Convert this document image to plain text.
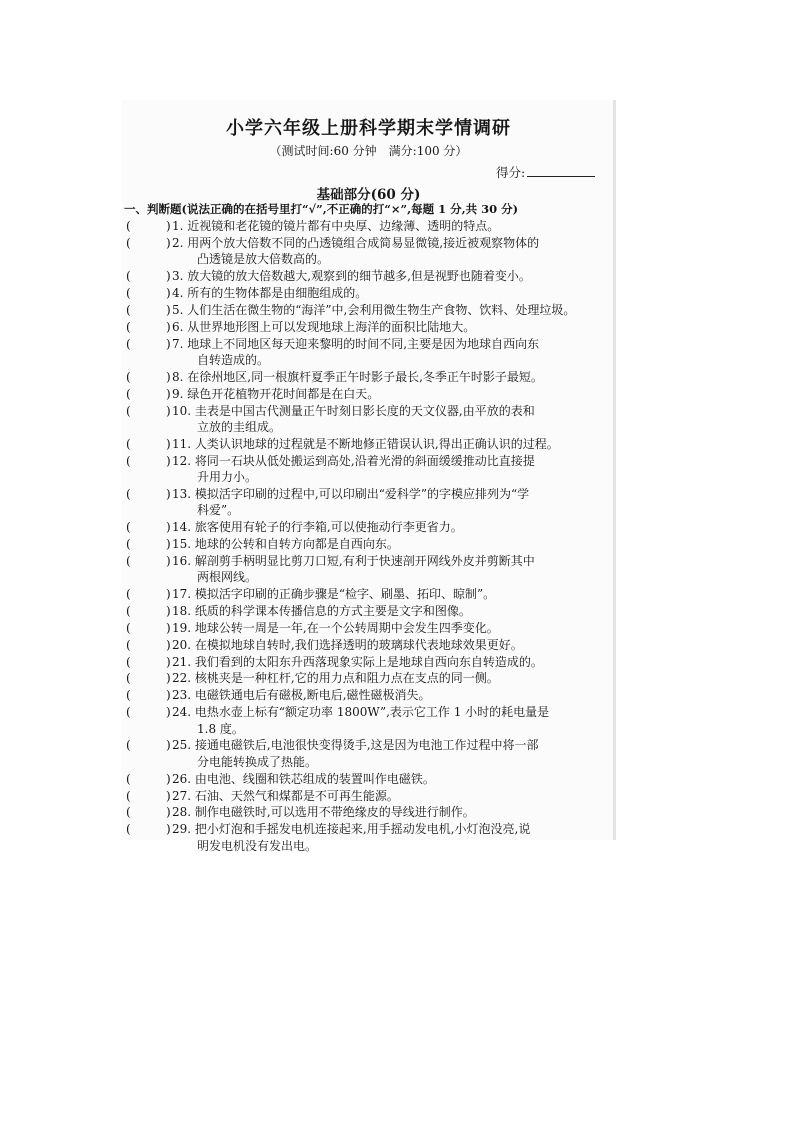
小学六年级上册科学期末学情调研
（测试时间:60 分钟　满分:100 分）
得分:
基础部分(60 分)
一、判断题(说法正确的在括号里打“√”,不正确的打“×”,每题 1 分,共 30 分)
(	) 1. 近视镜和老花镜的镜片都有中央厚、边缘薄、透明的特点。
(	) 2. 用两个放大倍数不同的凸透镜组合成简易显微镜,接近被观察物体的
凸透镜是放大倍数高的。
(	) 3. 放大镜的放大倍数越大,观察到的细节越多,但是视野也随着变小。
(	) 4. 所有的生物体都是由细胞组成的。
(	) 5. 人们生活在微生物的“海洋”中,会利用微生物生产食物、饮料、处理垃圾。
(	) 6. 从世界地形图上可以发现地球上海洋的面积比陆地大。
(	) 7. 地球上不同地区每天迎来黎明的时间不同,主要是因为地球自西向东
自转造成的。
(	) 8. 在徐州地区,同一根旗杆夏季正午时影子最长,冬季正午时影子最短。
(	) 9. 绿色开花植物开花时间都是在白天。
(	) 10. 圭表是中国古代测量正午时刻日影长度的天文仪器,由平放的表和
立放的圭组成。
(	) 11. 人类认识地球的过程就是不断地修正错误认识,得出正确认识的过程。
(	) 12. 将同一石块从低处搬运到高处,沿着光滑的斜面缓缓推动比直接提
升用力小。
(	) 13. 模拟活字印刷的过程中,可以印刷出“爱科学”的字模应排列为“学
科爱”。
(	) 14. 旅客使用有轮子的行李箱,可以使拖动行李更省力。
(	) 15. 地球的公转和自转方向都是自西向东。
(	) 16. 解剖剪手柄明显比剪刀口短,有利于快速剖开网线外皮并剪断其中
两根网线。
(	) 17. 模拟活字印刷的正确步骤是“检字、刷墨、拓印、晾制”。
(	) 18. 纸质的科学课本传播信息的方式主要是文字和图像。
(	) 19. 地球公转一周是一年,在一个公转周期中会发生四季变化。
(	) 20. 在模拟地球自转时,我们选择透明的玻璃球代表地球效果更好。
(	) 21. 我们看到的太阳东升西落现象实际上是地球自西向东自转造成的。
(	) 22. 核桃夹是一种杠杆,它的用力点和阻力点在支点的同一侧。
(	) 23. 电磁铁通电后有磁极,断电后,磁性磁极消失。
(	) 24. 电热水壶上标有“额定功率 1800W”,表示它工作 1 小时的耗电量是
1.8 度。
(	) 25. 接通电磁铁后,电池很快变得烫手,这是因为电池工作过程中将一部
分电能转换成了热能。
(	) 26. 由电池、线圈和铁芯组成的装置叫作电磁铁。
(	) 27. 石油、天然气和煤都是不可再生能源。
(	) 28. 制作电磁铁时,可以选用不带绝缘皮的导线进行制作。
(	) 29. 把小灯泡和手摇发电机连接起来,用手摇动发电机,小灯泡没亮,说
明发电机没有发出电。
